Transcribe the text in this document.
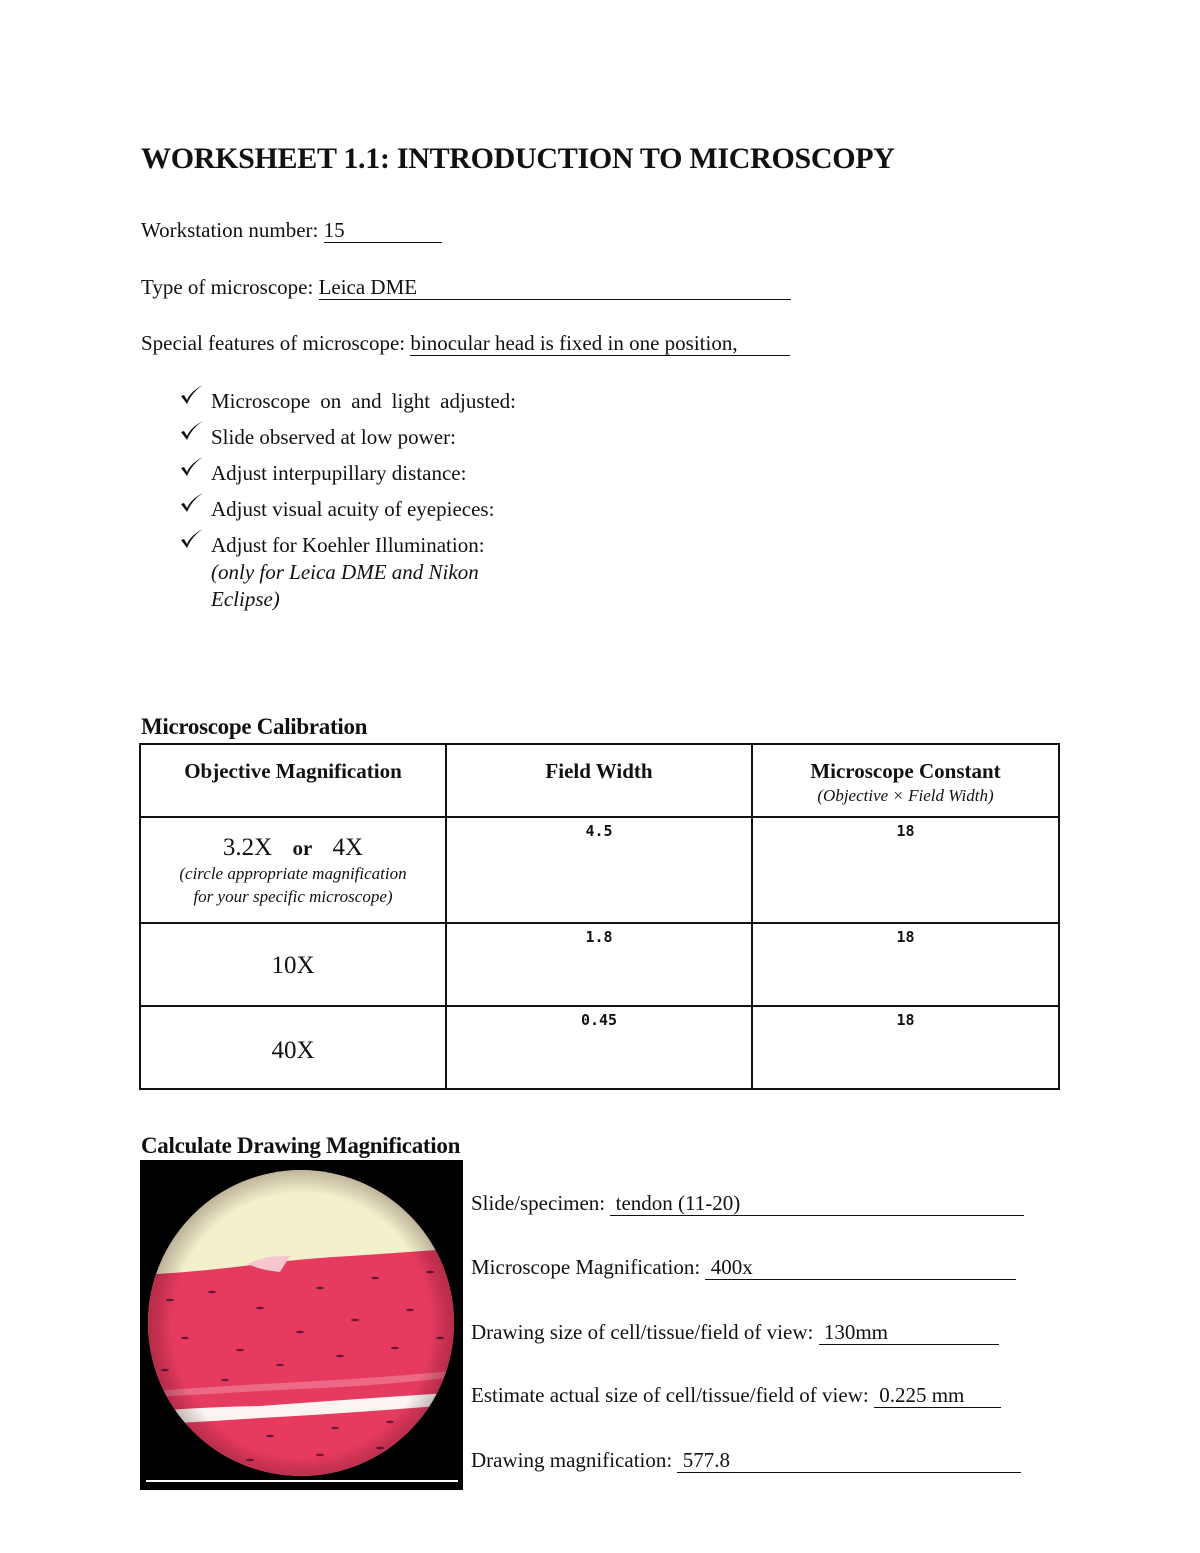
WORKSHEET 1.1: INTRODUCTION TO MICROSCOPY
Workstation number: 15
Type of microscope: Leica DME
Special features of microscope: binocular head is fixed in one position,
Microscope on and light adjusted:
Slide observed at low power:
Adjust interpupillary distance:
Adjust visual acuity of eyepieces:
Adjust for Koehler Illumination:
(only for Leica DME and Nikon Eclipse)
Microscope Calibration
Objective Magnification	Field Width	Microscope Constant
(Objective × Field Width)

3.2X or 4X
(circle appropriate magnification
for your specific microscope)	4.5	18

10X	1.8	18

40X	0.45	18
Calculate Drawing Magnification
Slide/specimen:  tendon (11-20)
Microscope Magnification:  400x
Drawing size of cell/tissue/field of view:  130mm
Estimate actual size of cell/tissue/field of view:  0.225 mm
Drawing magnification:  577.8
